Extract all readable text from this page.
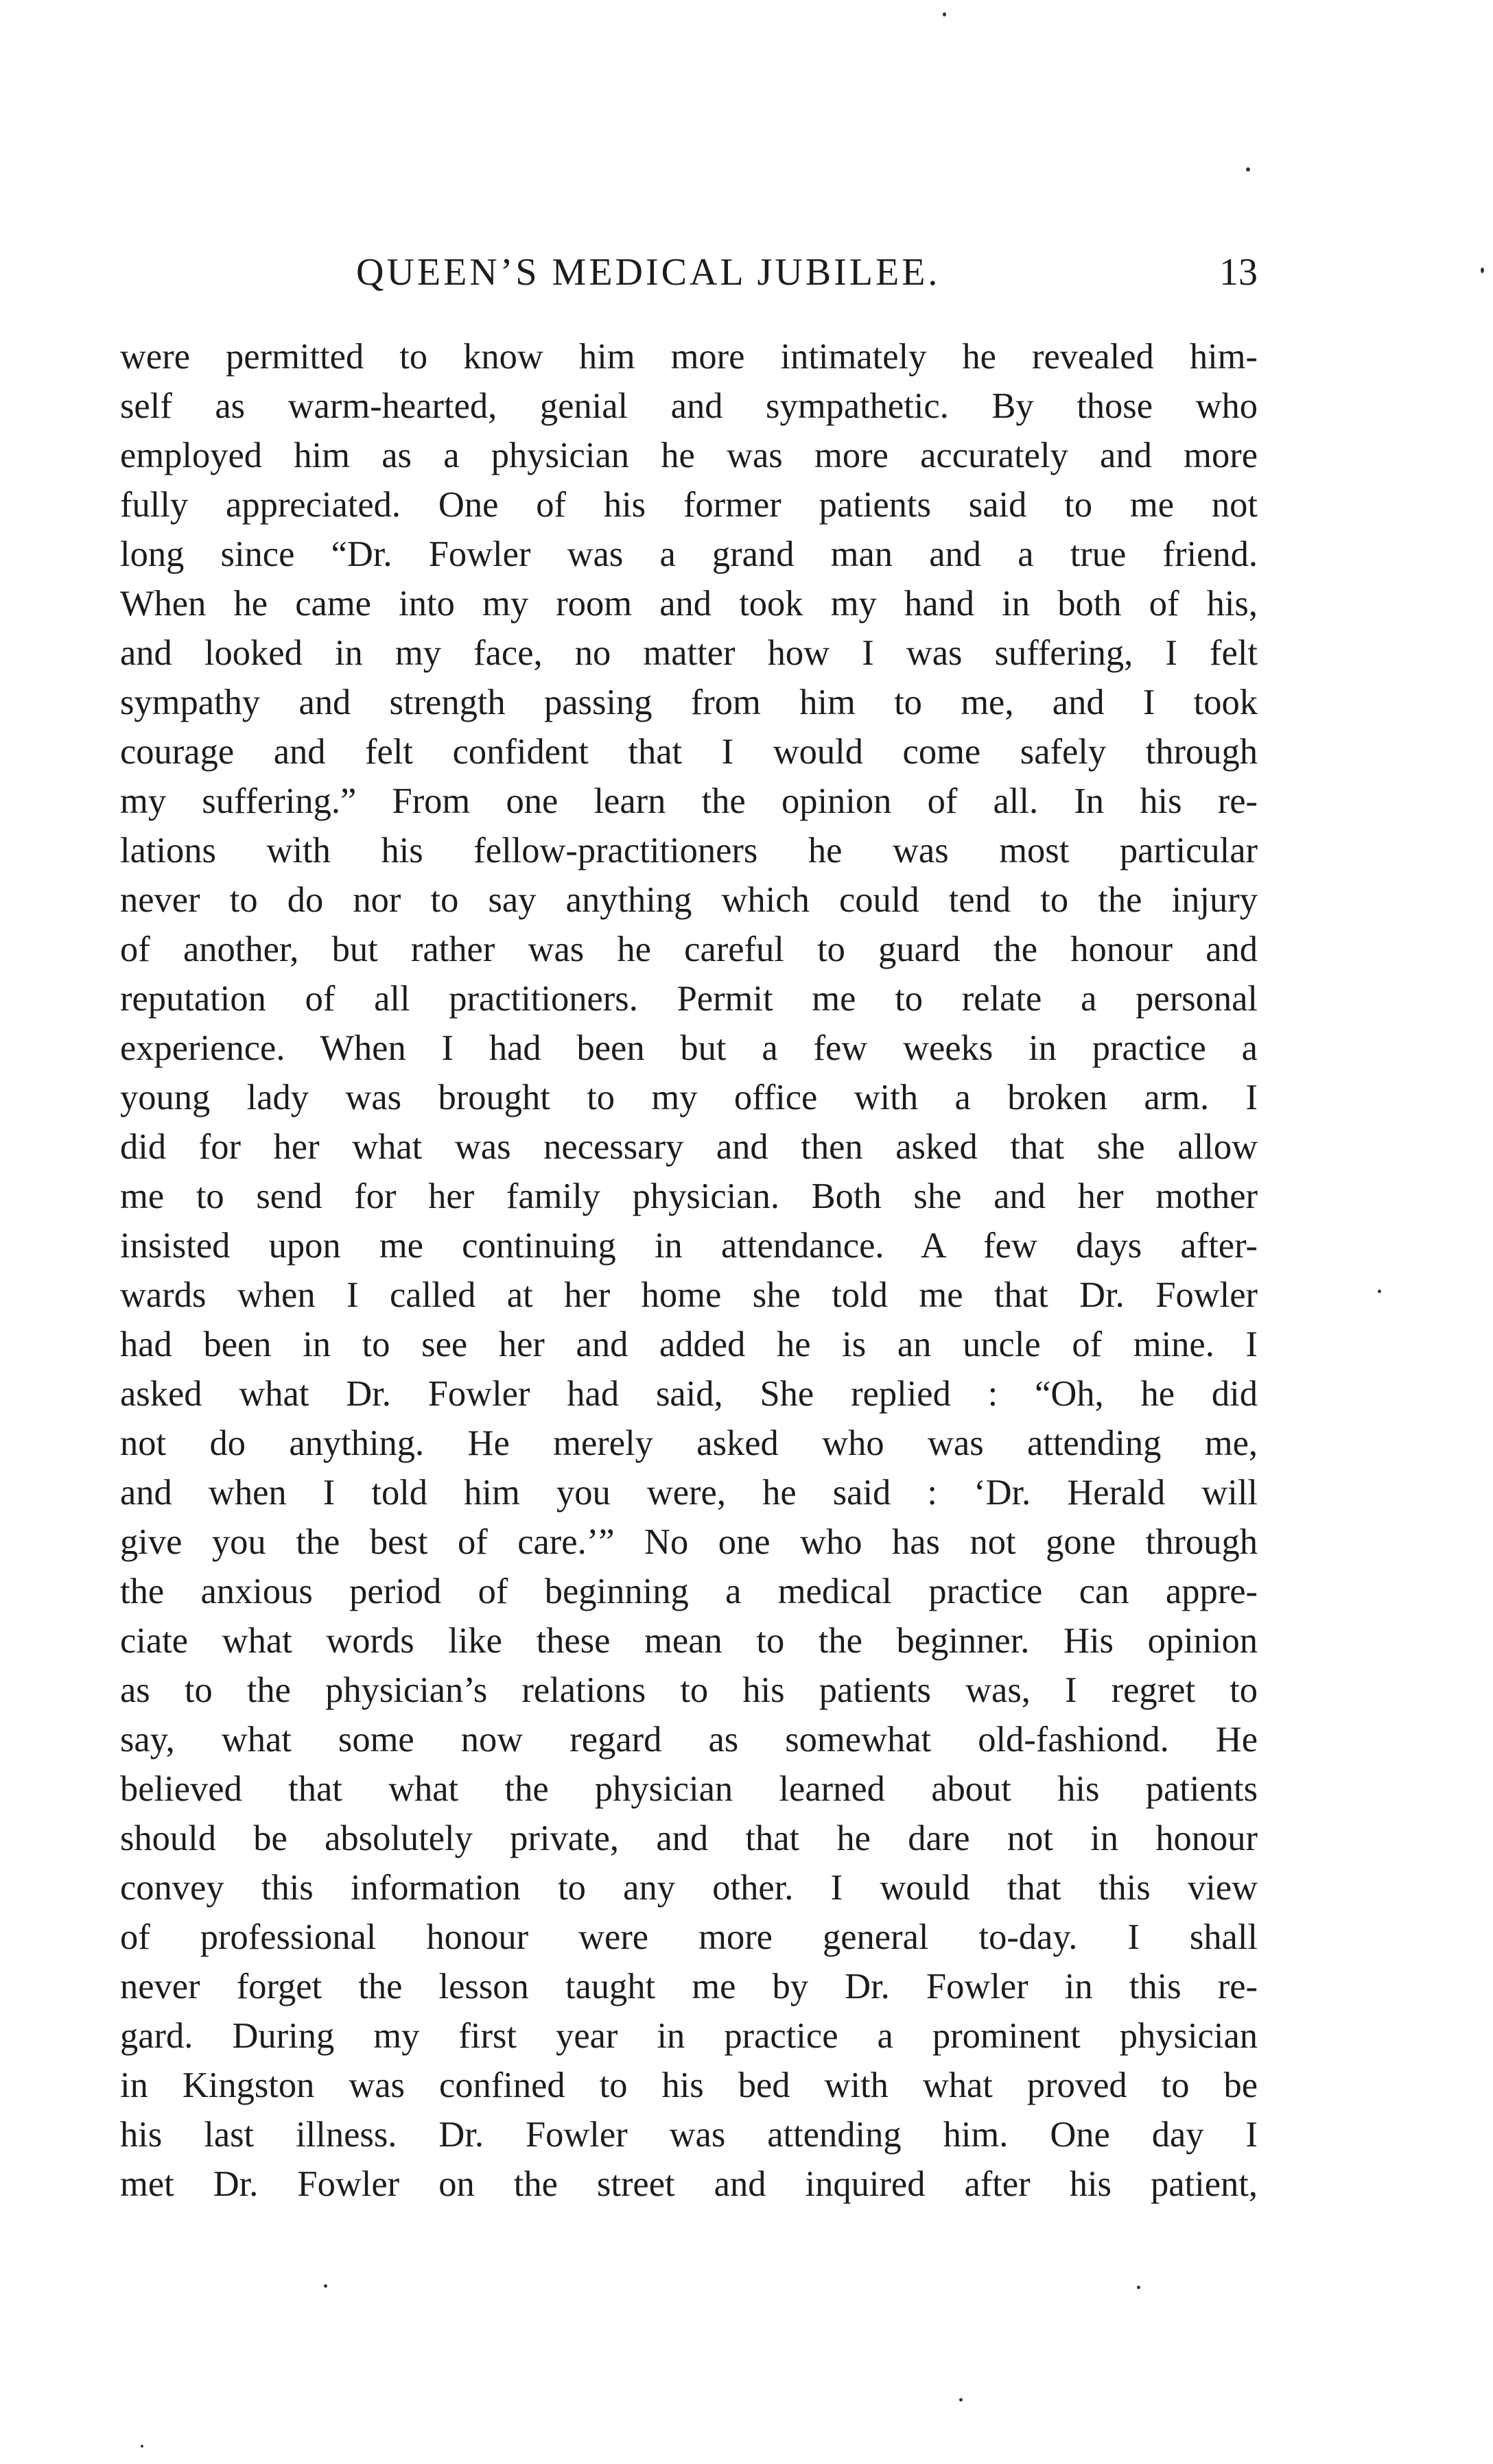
QUEEN’S MEDICAL JUBILEE.	13
were permitted to know him more intimately he revealed him-
self as warm-hearted, genial and sympathetic. By those who
employed him as a physician he was more accurately and more
fully appreciated. One of his former patients said to me not
long since “Dr. Fowler was a grand man and a true friend.
When he came into my room and took my hand in both of his,
and looked in my face, no matter how I was suffering, I felt
sympathy and strength passing from him to me, and I took
courage and felt confident that I would come safely through
my suffering.” From one learn the opinion of all. In his re-
lations with his fellow-practitioners he was most particular
never to do nor to say anything which could tend to the injury
of another, but rather was he careful to guard the honour and
reputation of all practitioners. Permit me to relate a personal
experience. When I had been but a few weeks in practice a
young lady was brought to my office with a broken arm. I
did for her what was necessary and then asked that she allow
me to send for her family physician. Both she and her mother
insisted upon me continuing in attendance. A few days after-
wards when I called at her home she told me that Dr. Fowler
had been in to see her and added he is an uncle of mine. I
asked what Dr. Fowler had said, She replied : “Oh, he did
not do anything. He merely asked who was attending me,
and when I told him you were, he said : ‘Dr. Herald will
give you the best of care.’” No one who has not gone through
the anxious period of beginning a medical practice can appre-
ciate what words like these mean to the beginner. His opinion
as to the physician’s relations to his patients was, I regret to
say, what some now regard as somewhat old-fashiond. He
believed that what the physician learned about his patients
should be absolutely private, and that he dare not in honour
convey this information to any other. I would that this view
of professional honour were more general to-day. I shall
never forget the lesson taught me by Dr. Fowler in this re-
gard. During my first year in practice a prominent physician
in Kingston was confined to his bed with what proved to be
his last illness. Dr. Fowler was attending him. One day I
met Dr. Fowler on the street and inquired after his patient,
